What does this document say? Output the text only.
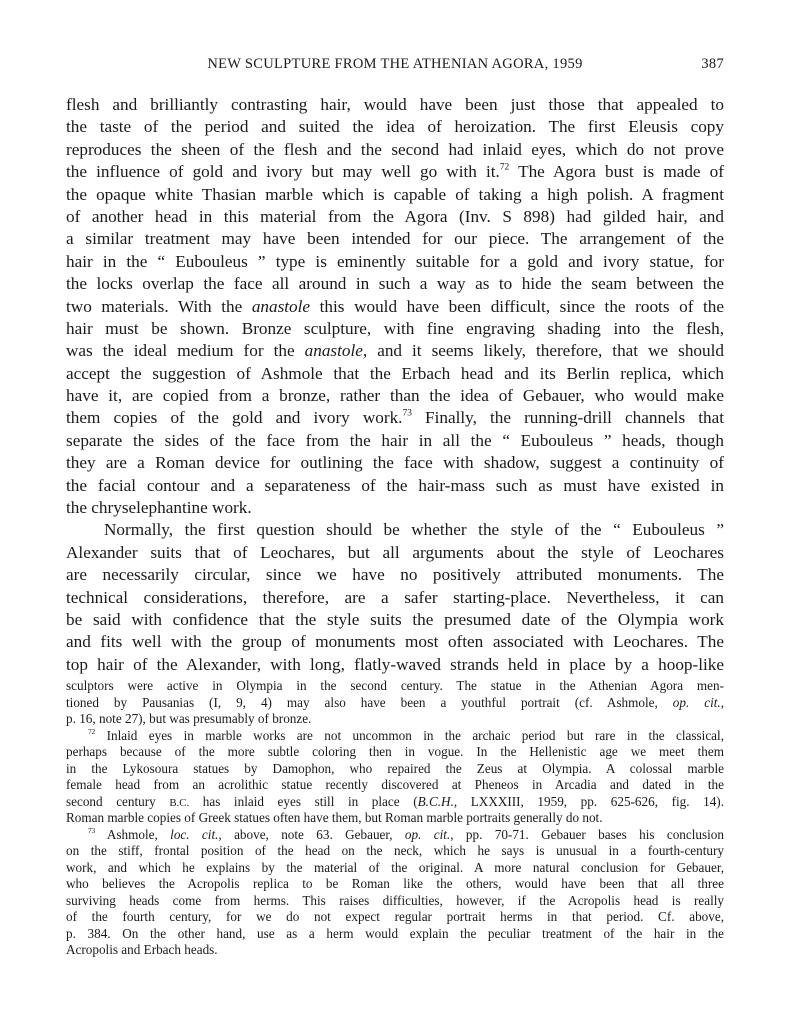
NEW SCULPTURE FROM THE ATHENIAN AGORA, 1959	387
flesh and brilliantly contrasting hair, would have been just those that appealed to
the taste of the period and suited the idea of heroization. The first Eleusis copy
reproduces the sheen of the flesh and the second had inlaid eyes, which do not prove
the influence of gold and ivory but may well go with it.$^{72}$ The Agora bust is made of
the opaque white Thasian marble which is capable of taking a high polish. A fragment
of another head in this material from the Agora (Inv. S 898) had gilded hair, and
a similar treatment may have been intended for our piece. The arrangement of the
hair in the “ Eubouleus ” type is eminently suitable for a gold and ivory statue, for
the locks overlap the face all around in such a way as to hide the seam between the
two materials. With the anastole this would have been difficult, since the roots of the
hair must be shown. Bronze sculpture, with fine engraving shading into the flesh,
was the ideal medium for the anastole, and it seems likely, therefore, that we should
accept the suggestion of Ashmole that the Erbach head and its Berlin replica, which
have it, are copied from a bronze, rather than the idea of Gebauer, who would make
them copies of the gold and ivory work.$^{73}$ Finally, the running-drill channels that
separate the sides of the face from the hair in all the “ Eubouleus ” heads, though
they are a Roman device for outlining the face with shadow, suggest a continuity of
the facial contour and a separateness of the hair-mass such as must have existed in
the chryselephantine work.
Normally, the first question should be whether the style of the “ Eubouleus ”
Alexander suits that of Leochares, but all arguments about the style of Leochares
are necessarily circular, since we have no positively attributed monuments. The
technical considerations, therefore, are a safer starting-place. Nevertheless, it can
be said with confidence that the style suits the presumed date of the Olympia work
and fits well with the group of monuments most often associated with Leochares. The
top hair of the Alexander, with long, flatly-waved strands held in place by a hoop-like
sculptors were active in Olympia in the second century. The statue in the Athenian Agora men-
tioned by Pausanias (I, 9, 4) may also have been a youthful portrait (cf. Ashmole, op. cit.,
p. 16, note 27), but was presumably of bronze.
$^{72}$ Inlaid eyes in marble works are not uncommon in the archaic period but rare in the classical,
perhaps because of the more subtle coloring then in vogue. In the Hellenistic age we meet them
in the Lykosoura statues by Damophon, who repaired the Zeus at Olympia. A colossal marble
female head from an acrolithic statue recently discovered at Pheneos in Arcadia and dated in the
second century B.C. has inlaid eyes still in place (B.C.H., LXXXIII, 1959, pp. 625-626, fig. 14).
Roman marble copies of Greek statues often have them, but Roman marble portraits generally do not.
$^{73}$ Ashmole, loc. cit., above, note 63. Gebauer, op. cit., pp. 70-71. Gebauer bases his conclusion
on the stiff, frontal position of the head on the neck, which he says is unusual in a fourth-century
work, and which he explains by the material of the original. A more natural conclusion for Gebauer,
who believes the Acropolis replica to be Roman like the others, would have been that all three
surviving heads come from herms. This raises difficulties, however, if the Acropolis head is really
of the fourth century, for we do not expect regular portrait herms in that period. Cf. above,
p. 384. On the other hand, use as a herm would explain the peculiar treatment of the hair in the
Acropolis and Erbach heads.
